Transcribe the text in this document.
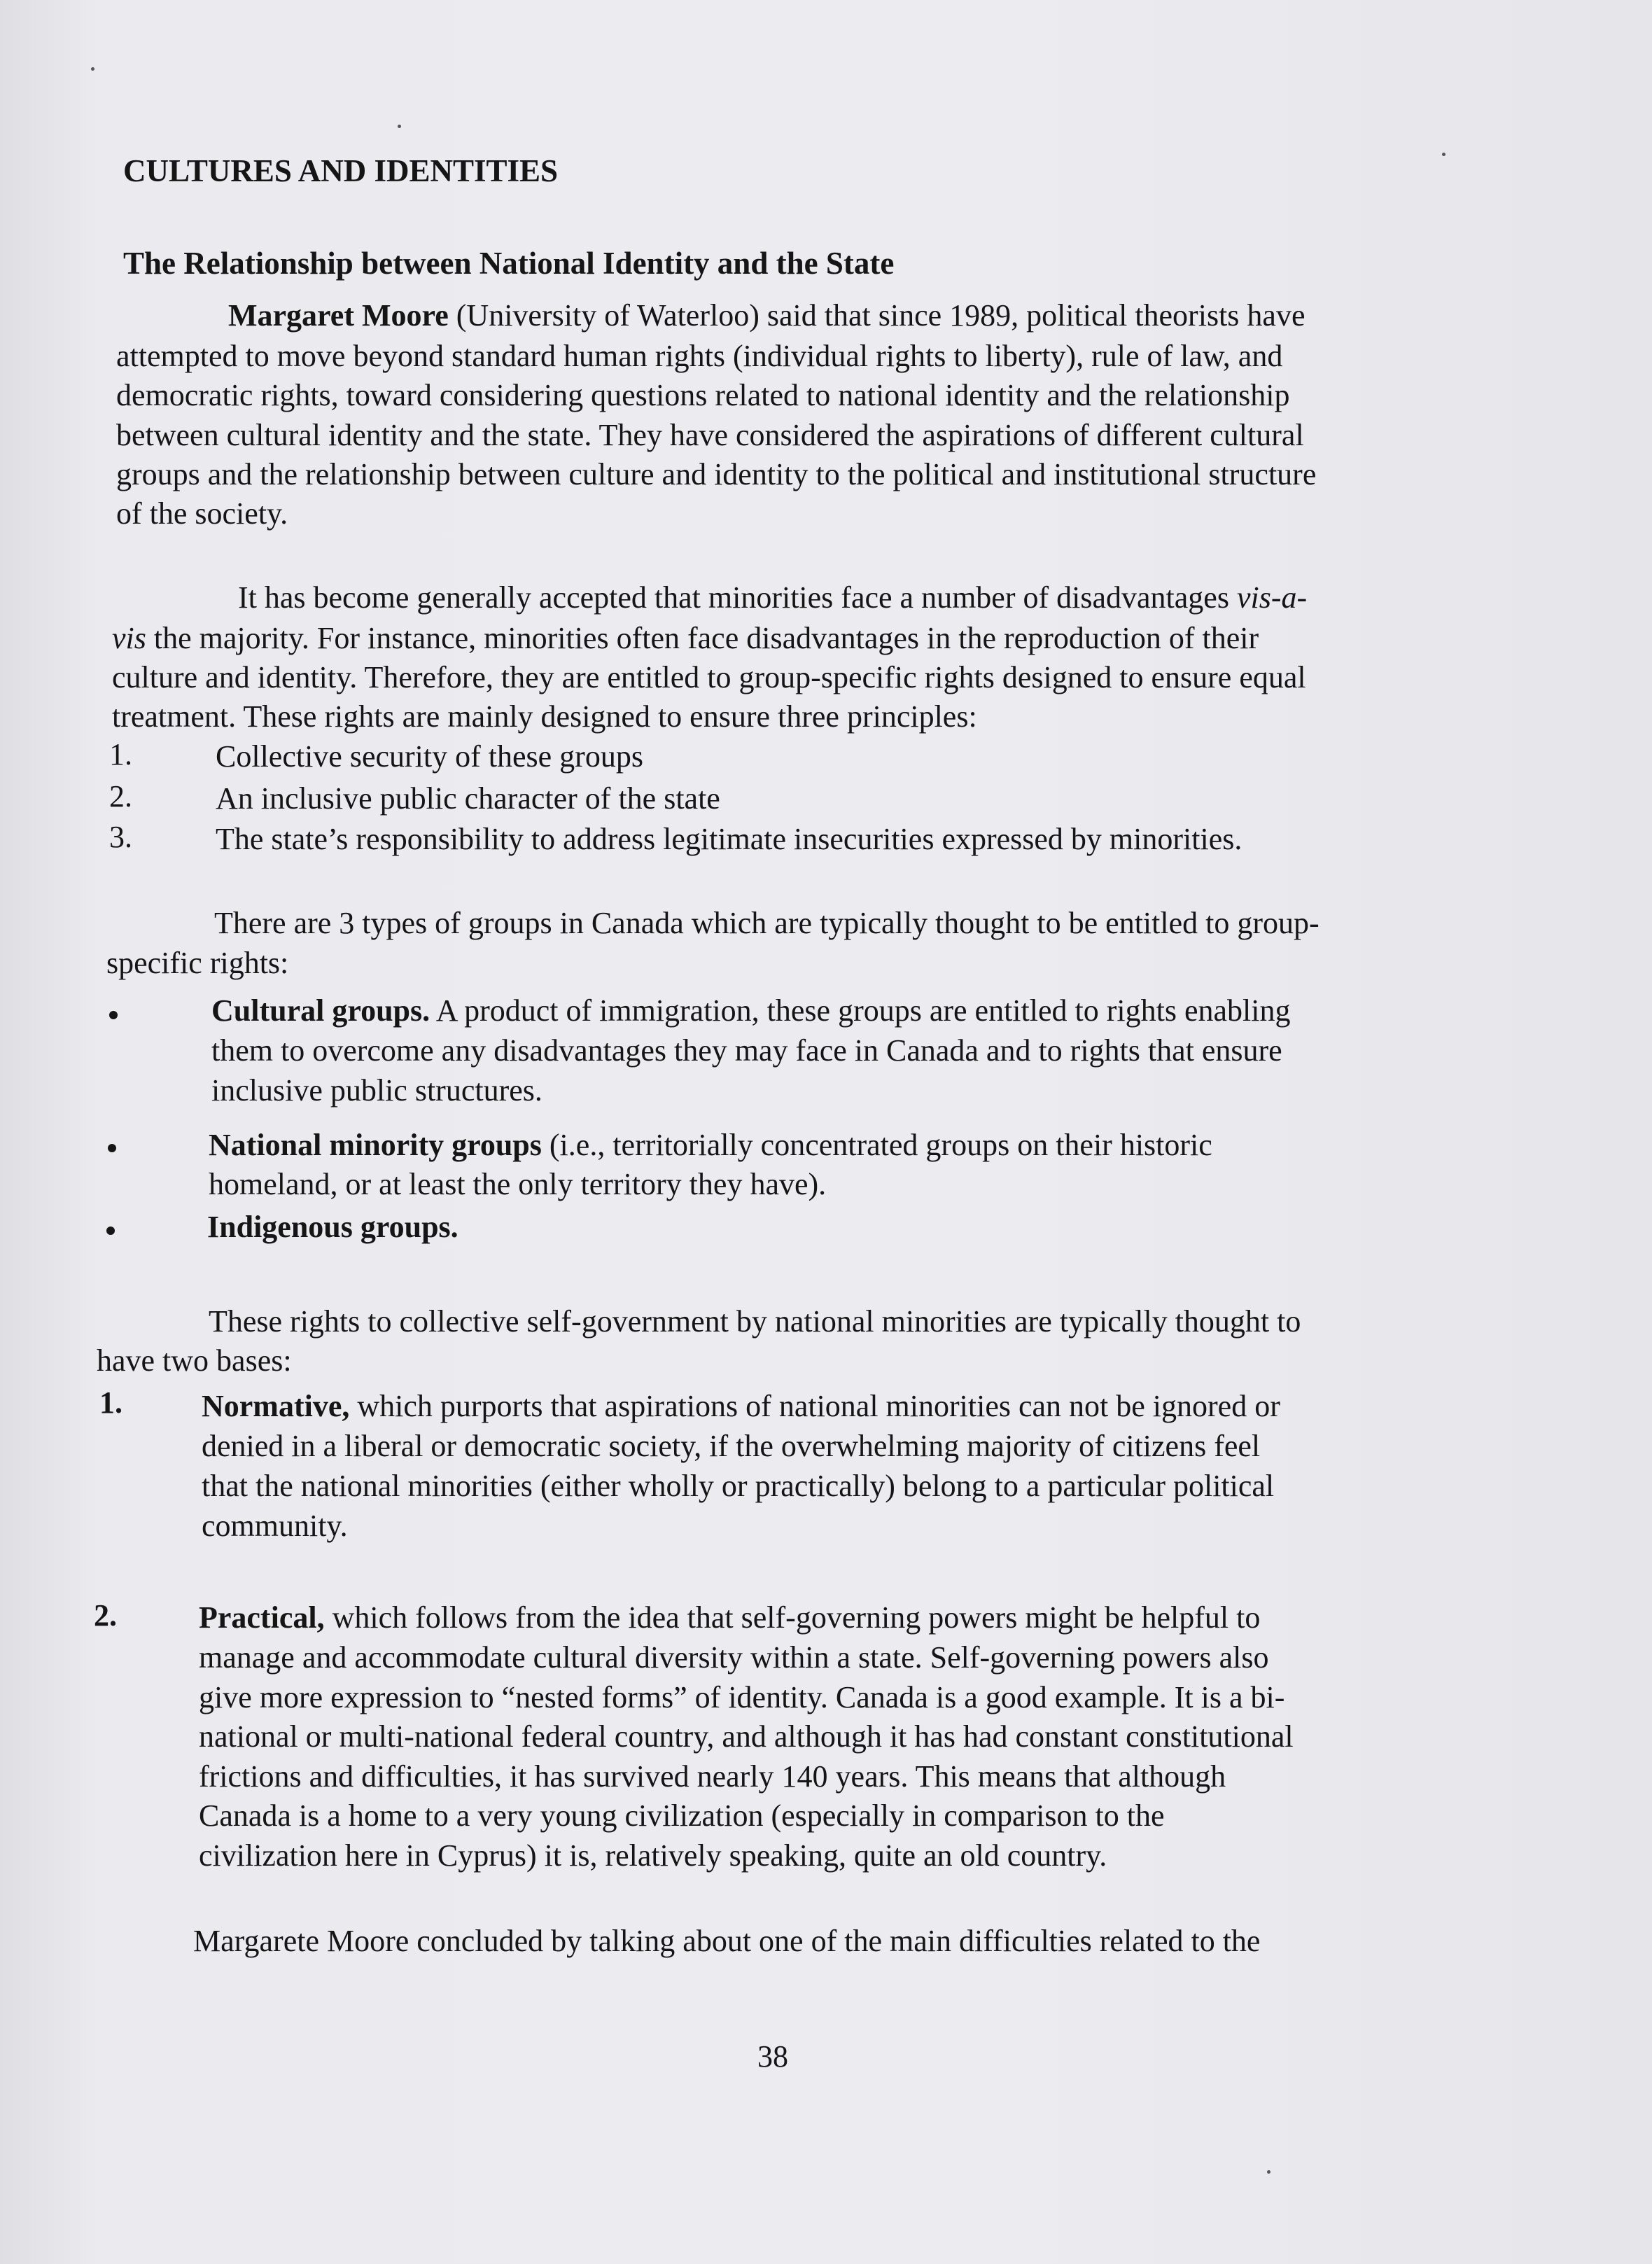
CULTURES AND IDENTITIES
The Relationship between National Identity and the State
Margaret Moore (University of Waterloo) said that since 1989, political theorists have
attempted to move beyond standard human rights (individual rights to liberty), rule of law, and
democratic rights, toward considering questions related to national identity and the relationship
between cultural identity and the state. They have considered the aspirations of different cultural
groups and the relationship between culture and identity to the political and institutional structure
of the society.
It has become generally accepted that minorities face a number of disadvantages vis-a-
vis the majority. For instance, minorities often face disadvantages in the reproduction of their
culture and identity. Therefore, they are entitled to group-specific rights designed to ensure equal
treatment. These rights are mainly designed to ensure three principles:
1.	Collective security of these groups
2.	An inclusive public character of the state
3.	The state’s responsibility to address legitimate insecurities expressed by minorities.
There are 3 types of groups in Canada which are typically thought to be entitled to group-
specific rights:
Cultural groups. A product of immigration, these groups are entitled to rights enabling
them to overcome any disadvantages they may face in Canada and to rights that ensure
inclusive public structures.
National minority groups (i.e., territorially concentrated groups on their historic
homeland, or at least the only territory they have).
Indigenous groups.
These rights to collective self-government by national minorities are typically thought to
have two bases:
1.	Normative, which purports that aspirations of national minorities can not be ignored or
denied in a liberal or democratic society, if the overwhelming majority of citizens feel
that the national minorities (either wholly or practically) belong to a particular political
community.
2.	Practical, which follows from the idea that self-governing powers might be helpful to
manage and accommodate cultural diversity within a state. Self-governing powers also
give more expression to “nested forms” of identity. Canada is a good example. It is a bi-
national or multi-national federal country, and although it has had constant constitutional
frictions and difficulties, it has survived nearly 140 years. This means that although
Canada is a home to a very young civilization (especially in comparison to the
civilization here in Cyprus) it is, relatively speaking, quite an old country.
Margarete Moore concluded by talking about one of the main difficulties related to the
38
